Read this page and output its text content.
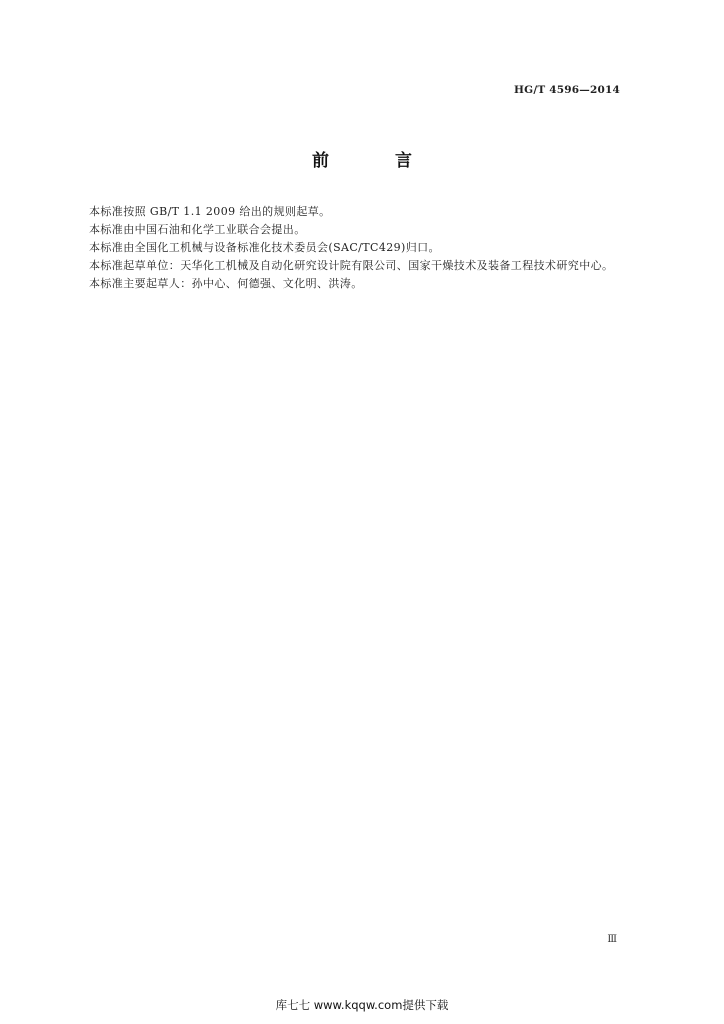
HG/T 4596—2014
前 言

本标准按照 GB/T 1.1 2009 给出的规则起草。

本标准由中国石油和化学工业联合会提出。

本标准由全国化工机械与设备标准化技术委员会(SAC/TC429)归口。

本标准起草单位：天华化工机械及自动化研究设计院有限公司、国家干燥技术及装备工程技术研究中心。

本标准主要起草人：孙中心、何德强、文化明、洪涛。

Ⅲ
库七七 www.kqqw.com提供下载
